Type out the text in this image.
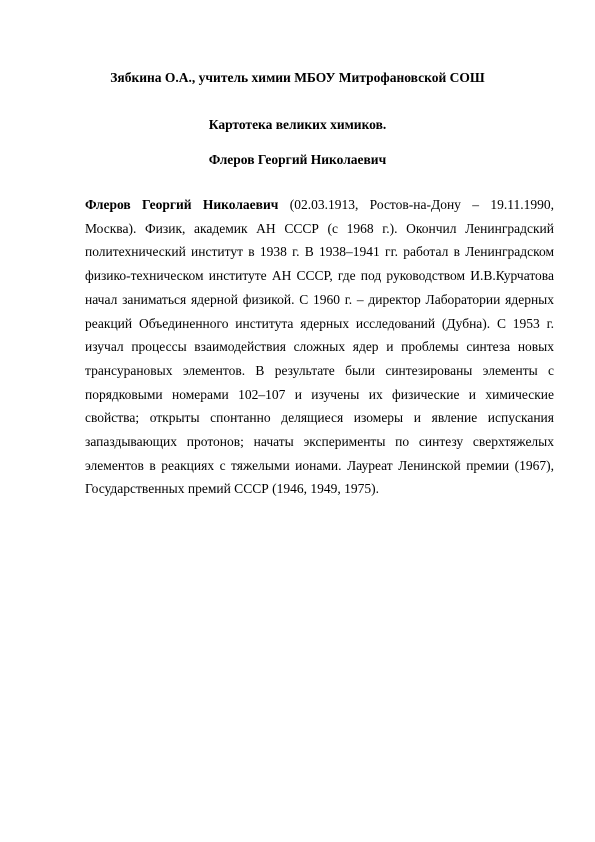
Зябкина О.А., учитель химии МБОУ Митрофановской СОШ
Картотека великих химиков.
Флеров Георгий Николаевич
Флеров Георгий Николаевич (02.03.1913, Ростов-на-Дону – 19.11.1990, Москва). Физик, академик АН СССР (с 1968 г.). Окончил Ленинградский политехнический институт в 1938 г. В 1938–1941 гг. работал в Ленинградском физико-техническом институте АН СССР, где под руководством И.В.Курчатова начал заниматься ядерной физикой. С 1960 г. – директор Лаборатории ядерных реакций Объединенного института ядерных исследований (Дубна). С 1953 г. изучал процессы взаимодействия сложных ядер и проблемы синтеза новых трансурановых элементов. В результате были синтезированы элементы с порядковыми номерами 102–107 и изучены их физические и химические свойства; открыты спонтанно делящиеся изомеры и явление испускания запаздывающих протонов; начаты эксперименты по синтезу сверхтяжелых элементов в реакциях с тяжелыми ионами. Лауреат Ленинской премии (1967), Государственных премий СССР (1946, 1949, 1975).
